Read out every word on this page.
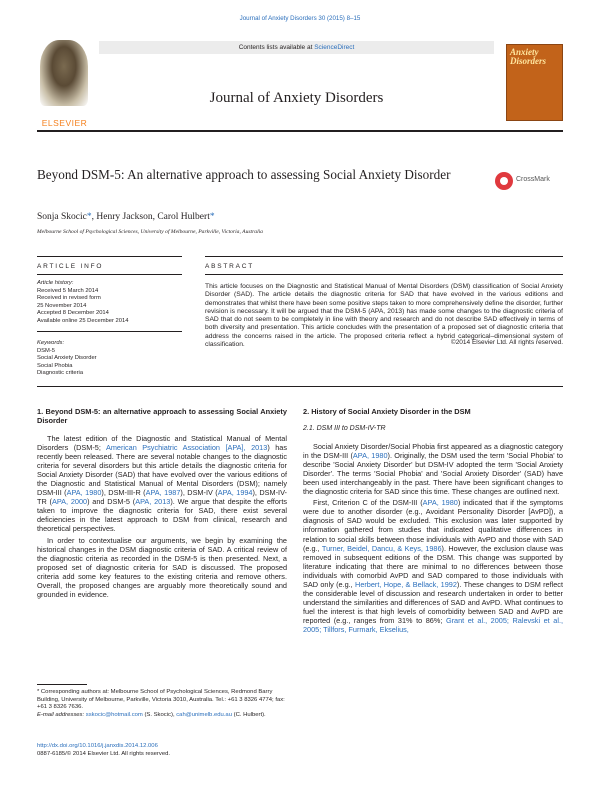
Journal of Anxiety Disorders 30 (2015) 8–15
ELSEVIER
Contents lists available at ScienceDirect
Journal of Anxiety Disorders
Anxiety Disorders
Beyond DSM-5: An alternative approach to assessing Social Anxiety Disorder	CrossMark
Sonja Skocic*, Henry Jackson, Carol Hulbert*
Melbourne School of Psychological Sciences, University of Melbourne, Parkville, Victoria, Australia
ARTICLE INFO	ABSTRACT
Article history:
Received 5 March 2014
Received in revised form
25 November 2014
Accepted 8 December 2014
Available online 25 December 2014
Keywords:
DSM-5
Social Anxiety Disorder
Social Phobia
Diagnostic criteria
This article focuses on the Diagnostic and Statistical Manual of Mental Disorders (DSM) classification of Social Anxiety Disorder (SAD). The article details the diagnostic criteria for SAD that have evolved in the various editions and demonstrates that whilst there have been some positive steps taken to more comprehensively define the disorder, further revision is necessary. It will be argued that the DSM-5 (APA, 2013) has made some changes to the diagnostic criteria of SAD that do not seem to be completely in line with theory and research and do not describe SAD effectively in terms of both diversity and presentation. This article concludes with the presentation of a proposed set of diagnostic criteria that address the concerns raised in the article. The proposed criteria reflect a hybrid categorical–dimensional system of classification.	©2014 Elsevier Ltd. All rights reserved.
1. Beyond DSM-5: an alternative approach to assessing Social Anxiety Disorder

The latest edition of the Diagnostic and Statistical Manual of Mental Disorders (DSM-5; American Psychiatric Association [APA], 2013) has recently been released. There are several notable changes to the diagnostic criteria for several disorders but this article details the diagnostic criteria for Social Anxiety Disorder (SAD) that have evolved over the various editions of the Diagnostic and Statistical Manual of Mental Disorders (DSM); namely DSM-III (APA, 1980), DSM-III-R (APA, 1987), DSM-IV (APA, 1994), DSM-IV-TR (APA, 2000) and DSM-5 (APA, 2013). We argue that despite the efforts taken to improve the diagnostic criteria for SAD, there exist several deficiencies in the latest approach to DSM from clinical, research and theoretical perspectives.

In order to contextualise our arguments, we begin by examining the historical changes in the DSM diagnostic criteria of SAD. A critical review of the diagnostic criteria as recorded in the DSM-5 is then presented. Next, a proposed set of diagnostic criteria for SAD is discussed. The proposed criteria add some key features to the existing criteria and remove others. Overall, the proposed changes are arguably more theoretically sound and grounded in evidence.

2. History of Social Anxiety Disorder in the DSM
2.1. DSM III to DSM-IV-TR

Social Anxiety Disorder/Social Phobia first appeared as a diagnostic category in the DSM-III (APA, 1980). Originally, the DSM used the term 'Social Phobia' to describe 'Social Anxiety Disorder' but DSM-IV adopted the term 'Social Anxiety Disorder'. The terms 'Social Phobia' and 'Social Anxiety Disorder' (SAD) have been used interchangeably in the past. There have been significant changes to the diagnostic criteria for SAD since this time. These changes are outlined next.

First, Criterion C of the DSM-III (APA, 1980) indicated that if the symptoms were due to another disorder (e.g., Avoidant Personality Disorder [AvPD]), a diagnosis of SAD would be excluded. This exclusion was later supported by information gathered from studies that indicated qualitative differences in relation to social skills between those individuals with AvPD and those with SAD (e.g., Turner, Beidel, Dancu, & Keys, 1986). However, the exclusion clause was removed in subsequent editions of the DSM. This change was supported by literature indicating that there are minimal to no differences between those individuals with comorbid AvPD and SAD compared to those individuals with SAD only (e.g., Herbert, Hope, & Bellack, 1992). These changes to DSM reflect the considerable level of discussion and research undertaken in order to better understand the similarities and differences of SAD and AvPD. What continues to fuel the interest is that high levels of comorbidity between SAD and AvPD are reported (e.g., ranges from 31% to 86%; Grant et al., 2005; Ralevski et al., 2005; Tillfors, Furmark, Ekselius,

* Corresponding authors at: Melbourne School of Psychological Sciences, Redmond Barry Building, University of Melbourne, Parkville, Victoria 3010, Australia. Tel.: +61 3 8326 4774; fax: +61 3 8326 7636.
E-mail addresses: sskocic@hotmail.com (S. Skocic), cah@unimelb.edu.au (C. Hulbert).
http://dx.doi.org/10.1016/j.janxdis.2014.12.006
0887-6185/© 2014 Elsevier Ltd. All rights reserved.
